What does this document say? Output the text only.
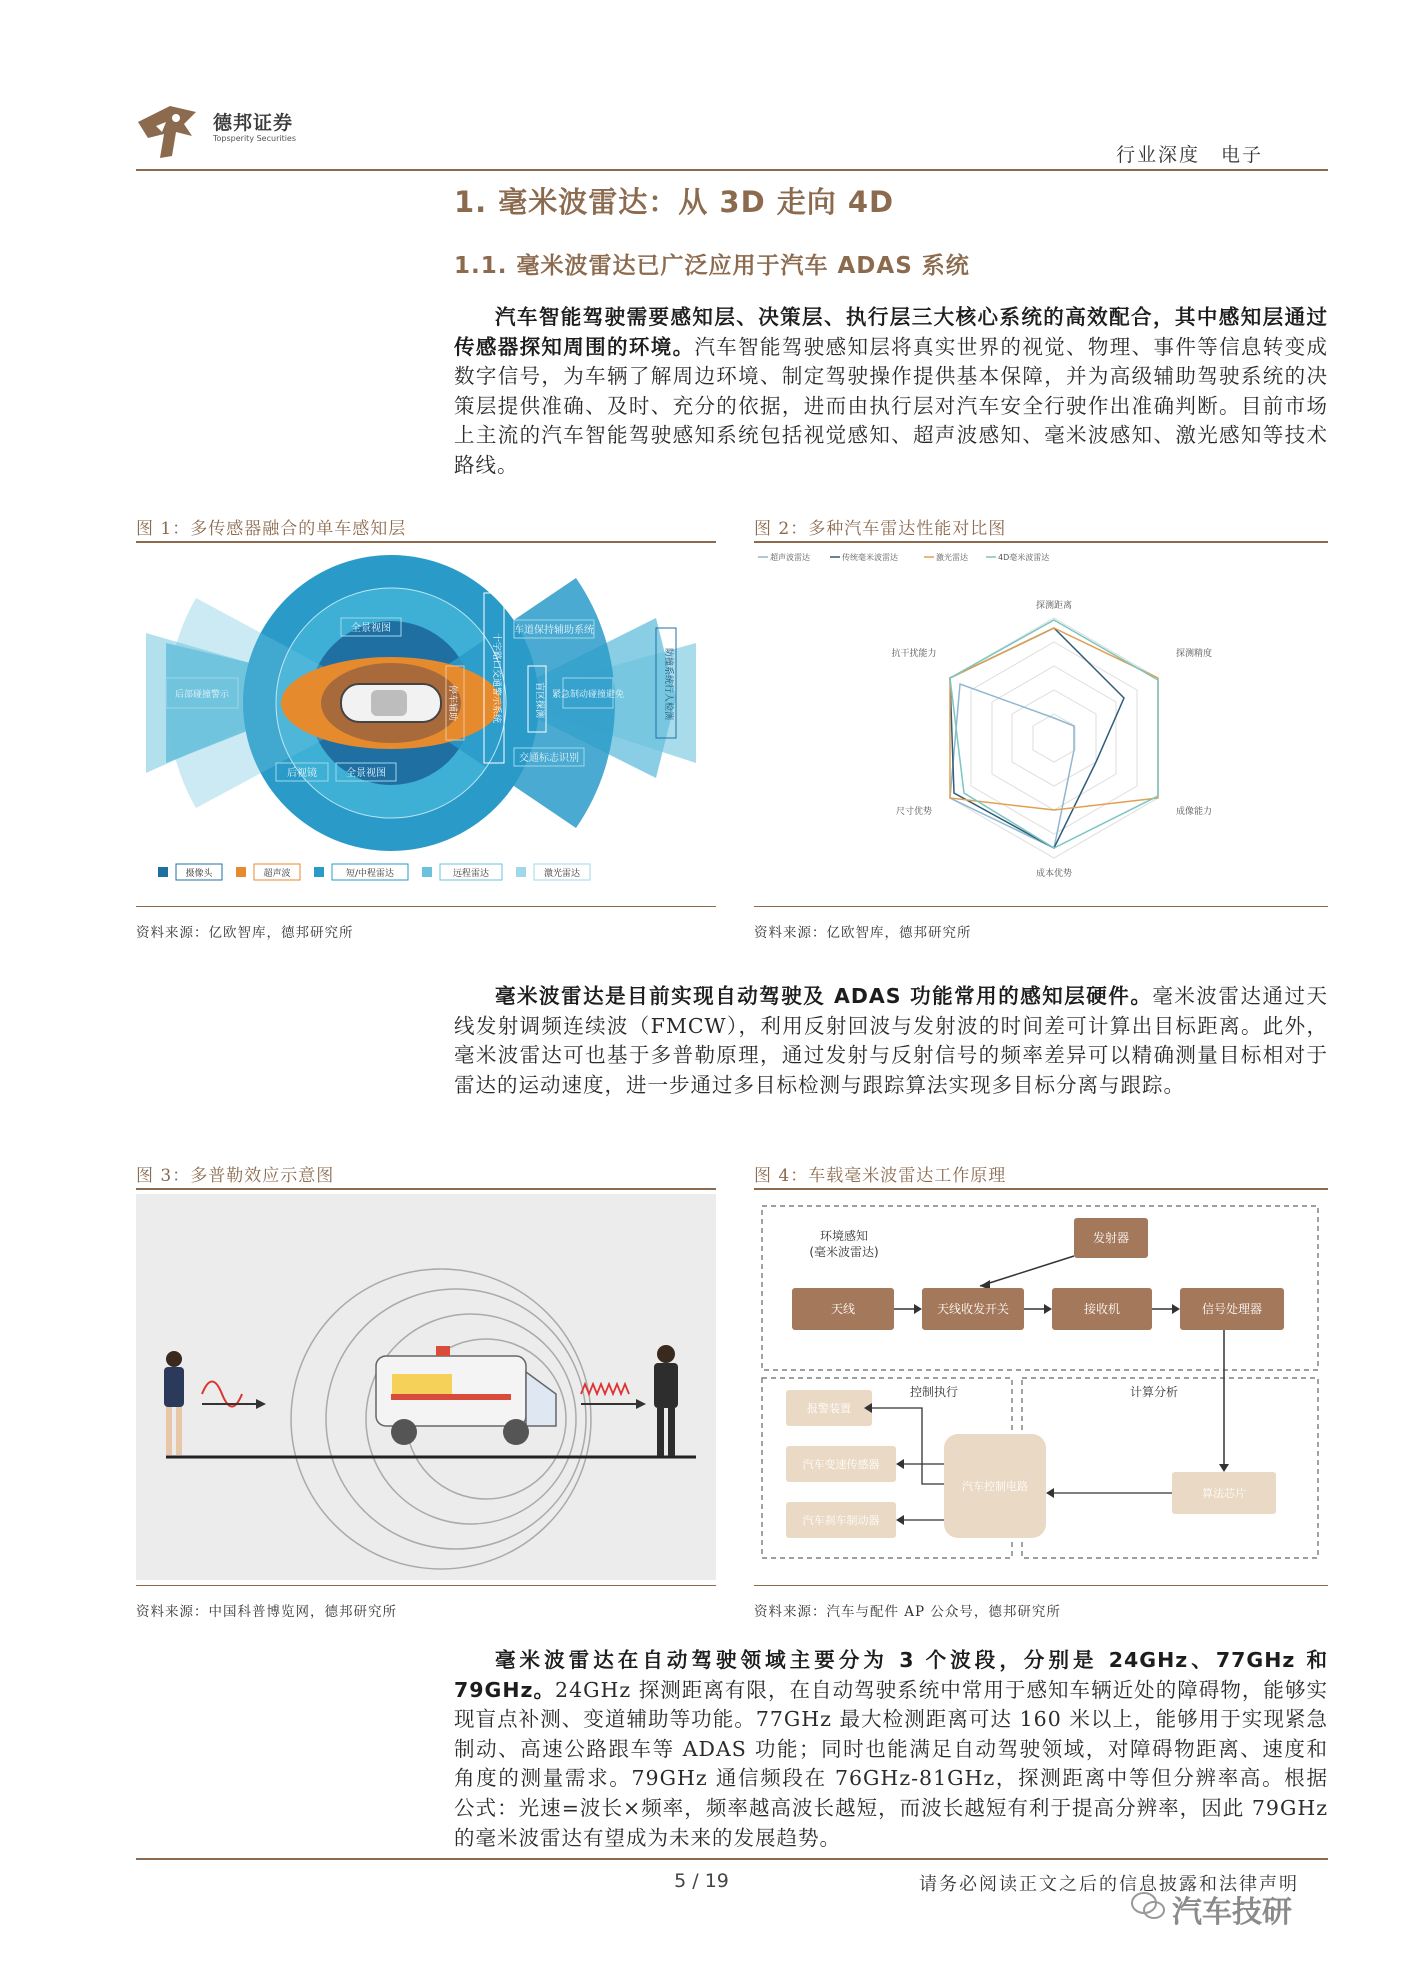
德邦证券
Topsperity Securities
行业深度　电子
1. 毫米波雷达：从 3D 走向 4D
1.1. 毫米波雷达已广泛应用于汽车 ADAS 系统
汽车智能驾驶需要感知层、决策层、执行层三大核心系统的高效配合，其中感知层通过传感器探知周围的环境。汽车智能驾驶感知层将真实世界的视觉、物理、事件等信息转变成数字信号，为车辆了解周边环境、制定驾驶操作提供基本保障，并为高级辅助驾驶系统的决策层提供准确、及时、充分的依据，进而由执行层对汽车安全行驶作出准确判断。目前市场上主流的汽车智能驾驶感知系统包括视觉感知、超声波感知、毫米波感知、激光感知等技术路线。
图 1：多传感器融合的单车感知层
全景视图
全景视图
后视镜
车道保持辅助系统
交通标志识别
紧急制动碰撞避免
后部碰撞警示	停车辅助	十字路口交通警示系统	盲区探测	防撞系统行人检测
摄像头	超声波	短/中程雷达	远程雷达	激光雷达
资料来源：亿欧智库，德邦研究所
图 2：多种汽车雷达性能对比图
超声波雷达	传统毫米波雷达	激光雷达	4D毫米波雷达
探测距离
探测精度
成像能力
成本优势
尺寸优势
抗干扰能力
资料来源：亿欧智库，德邦研究所
毫米波雷达是目前实现自动驾驶及 ADAS 功能常用的感知层硬件。毫米波雷达通过天线发射调频连续波（FMCW），利用反射回波与发射波的时间差可计算出目标距离。此外，毫米波雷达可也基于多普勒原理，通过发射与反射信号的频率差异可以精确测量目标相对于雷达的运动速度，进一步通过多目标检测与跟踪算法实现多目标分离与跟踪。
图 3：多普勒效应示意图
资料来源：中国科普博览网，德邦研究所
图 4：车载毫米波雷达工作原理
环境感知
(毫米波雷达)
发射器
天线	天线收发开关	接收机	信号处理器
控制执行	计算分析
报警装置
汽车变速传感器
汽车刹车制动器
汽车控制电路
算法芯片
资料来源：汽车与配件 AP 公众号，德邦研究所
毫米波雷达在自动驾驶领域主要分为 3 个波段，分别是 24GHz、77GHz 和 79GHz。24GHz 探测距离有限，在自动驾驶系统中常用于感知车辆近处的障碍物，能够实现盲点补测、变道辅助等功能。77GHz 最大检测距离可达 160 米以上，能够用于实现紧急制动、高速公路跟车等 ADAS 功能；同时也能满足自动驾驶领域，对障碍物距离、速度和角度的测量需求。79GHz 通信频段在 76GHz-81GHz，探测距离中等但分辨率高。根据公式：光速=波长×频率，频率越高波长越短，而波长越短有利于提高分辨率，因此 79GHz 的毫米波雷达有望成为未来的发展趋势。
5 / 19	请务必阅读正文之后的信息披露和法律声明
汽车技研
